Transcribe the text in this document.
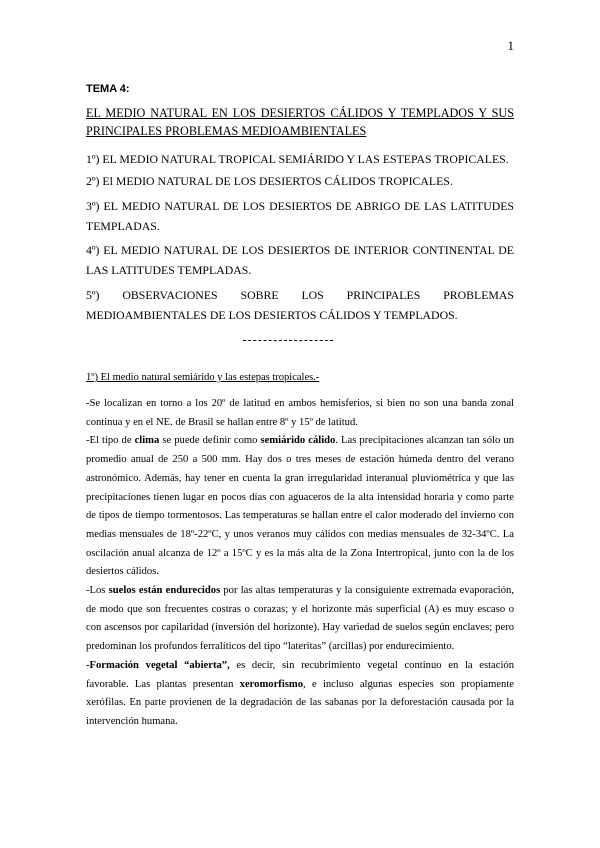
1
TEMA 4:
EL MEDIO NATURAL EN LOS DESIERTOS CÁLIDOS Y TEMPLADOS Y SUS
PRINCIPALES PROBLEMAS MEDIOAMBIENTALES
1º) EL MEDIO NATURAL TROPICAL SEMIÁRIDO Y LAS ESTEPAS TROPICALES.
2º) El MEDIO NATURAL DE LOS DESIERTOS CÁLIDOS TROPICALES.
3º) EL MEDIO NATURAL DE LOS DESIERTOS DE ABRIGO DE LAS LATITUDES TEMPLADAS.
4º) EL MEDIO NATURAL DE LOS DESIERTOS DE INTERIOR CONTINENTAL DE LAS LATITUDES TEMPLADAS.
5º) OBSERVACIONES SOBRE LOS PRINCIPALES PROBLEMAS MEDIOAMBIENTALES DE LOS DESIERTOS CÁLIDOS Y TEMPLADOS.
1º) El medio natural semiárido y las estepas tropicales.-

-Se localizan en torno a los 20º de latitud en ambos hemisferios, si bien no son una banda zonal continua y en el NE. de Brasil se hallan entre 8º y 15º de latitud.

-El tipo de clima se puede definir como semiárido cálido. Las precipitaciones alcanzan tan sólo un promedio anual de 250 a 500 mm. Hay dos o tres meses de estación húmeda dentro del verano astronómico. Además, hay tener en cuenta la gran irregularidad interanual pluviométrica y que las precipitaciones tienen lugar en pocos días con aguaceros de la alta intensidad horaria y como parte de tipos de tiempo tormentosos. Las temperaturas se hallan entre el calor moderado del invierno con medias mensuales de 18º-22ºC, y unos veranos muy cálidos con medias mensuales de 32-34ºC. La oscilación anual alcanza de 12º a 15ºC y es la más alta de la Zona Intertropical, junto con la de los desiertos cálidos.

-Los suelos están endurecidos por las altas temperaturas y la consiguiente extremada evaporación, de modo que son frecuentes costras o corazas; y el horizonte más superficial (A) es muy escaso o con ascensos por capilaridad (inversión del horizonte). Hay variedad de suelos según enclaves; pero predominan los profundos ferralíticos del tipo “lateritas” (arcillas) por endurecimiento.

-Formación vegetal “abierta”, es decir, sin recubrimiento vegetal continuo en la estación favorable. Las plantas presentan xeromorfismo, e incluso algunas especies son propiamente xerófilas. En parte provienen de la degradación de las sabanas por la deforestación causada por la intervención humana.
